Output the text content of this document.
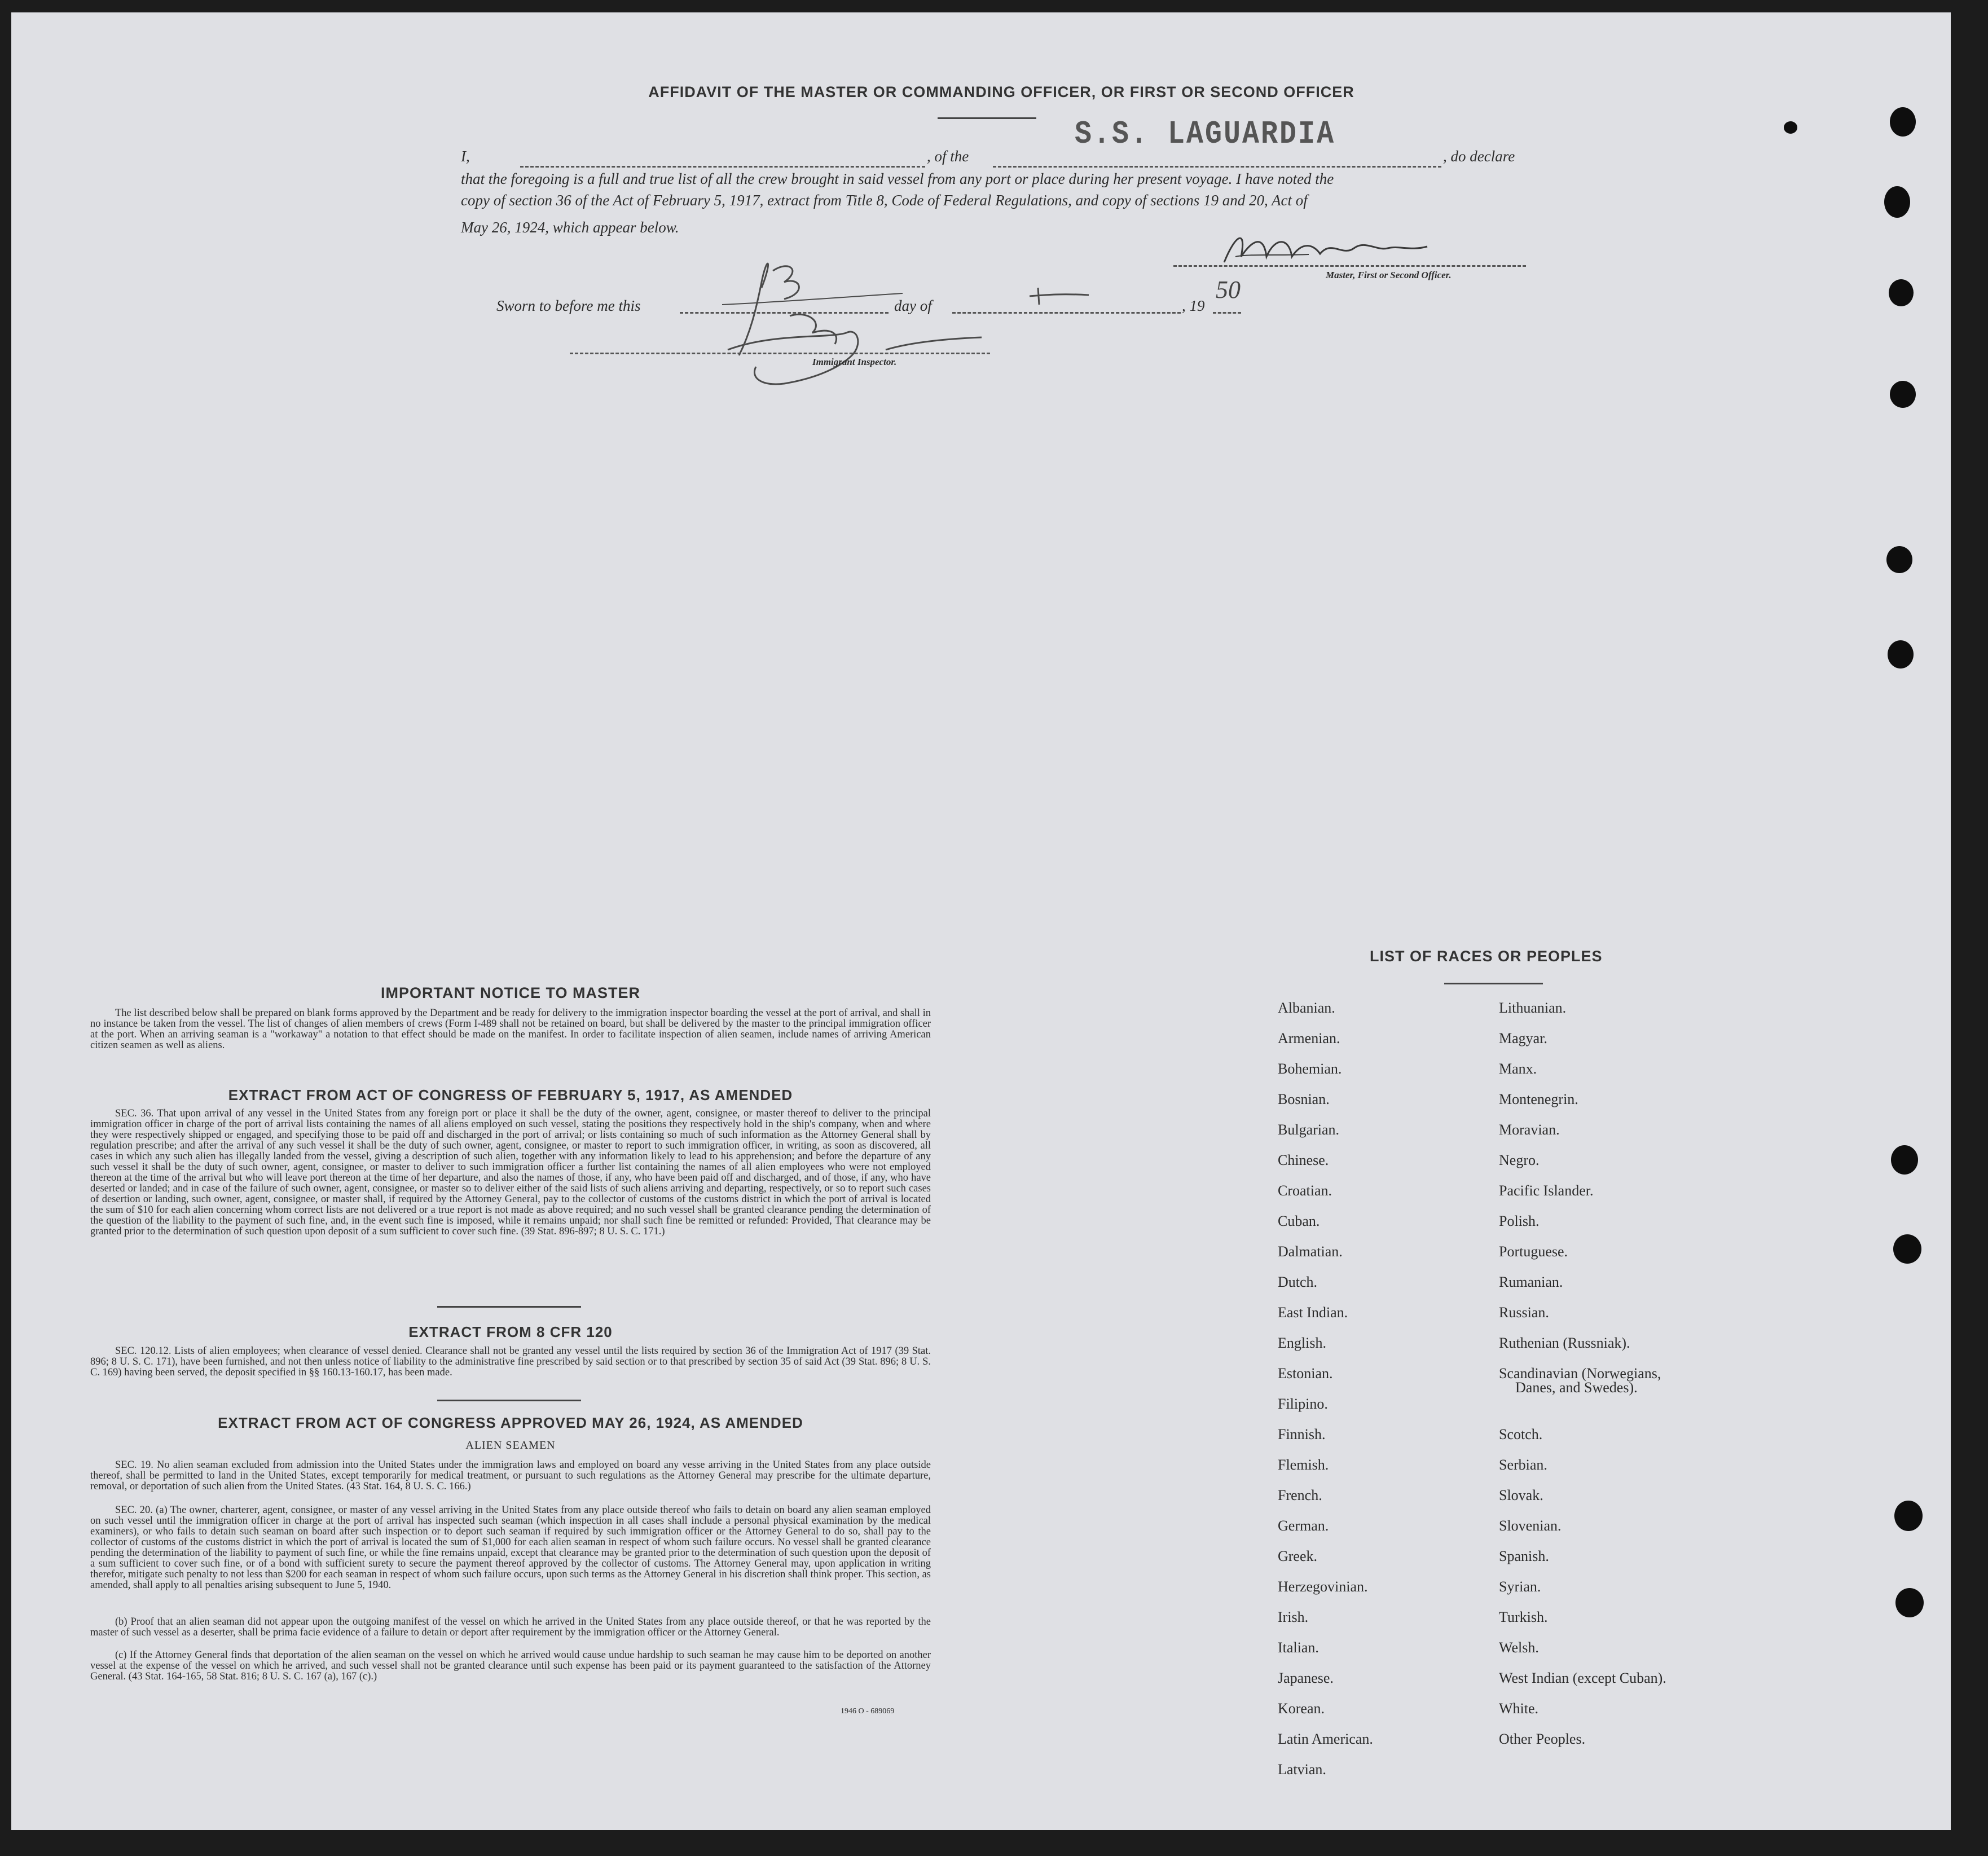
AFFIDAVIT OF THE MASTER OR COMMANDING OFFICER, OR FIRST OR SECOND OFFICER
S.S. LAGUARDIA
I,	, of the	, do declare
that the foregoing is a full and true list of all the crew brought in said vessel from any port or place during her present voyage. I have noted the
copy of section 36 of the Act of February 5, 1917, extract from Title 8, Code of Federal Regulations, and copy of sections 19 and 20, Act of
May 26, 1924, which appear below.
Master, First or Second Officer.
Sworn to before me this	day of	, 19
50
Immigrant Inspector.
IMPORTANT NOTICE TO MASTER
The list described below shall be prepared on blank forms approved by the Department and be ready for delivery to the immigration inspector boarding the vessel at the port of arrival, and shall in no instance be taken from the vessel. The list of changes of alien members of crews (Form I-489 shall not be retained on board, but shall be delivered by the master to the principal immigration officer at the port. When an arriving seaman is a "workaway" a notation to that effect should be made on the manifest. In order to facilitate inspection of alien seamen, include names of arriving American citizen seamen as well as aliens.
EXTRACT FROM ACT OF CONGRESS OF FEBRUARY 5, 1917, AS AMENDED
SEC. 36. That upon arrival of any vessel in the United States from any foreign port or place it shall be the duty of the owner, agent, consignee, or master thereof to deliver to the principal immigration officer in charge of the port of arrival lists containing the names of all aliens employed on such vessel, stating the positions they respectively hold in the ship's company, when and where they were respectively shipped or engaged, and specifying those to be paid off and discharged in the port of arrival; or lists containing so much of such information as the Attorney General shall by regulation prescribe; and after the arrival of any such vessel it shall be the duty of such owner, agent, consignee, or master to report to such immigration officer, in writing, as soon as discovered, all cases in which any such alien has illegally landed from the vessel, giving a description of such alien, together with any information likely to lead to his apprehension; and before the departure of any such vessel it shall be the duty of such owner, agent, consignee, or master to deliver to such immigration officer a further list containing the names of all alien employees who were not employed thereon at the time of the arrival but who will leave port thereon at the time of her departure, and also the names of those, if any, who have been paid off and discharged, and of those, if any, who have deserted or landed; and in case of the failure of such owner, agent, consignee, or master so to deliver either of the said lists of such aliens arriving and departing, respectively, or so to report such cases of desertion or landing, such owner, agent, consignee, or master shall, if required by the Attorney General, pay to the collector of customs of the customs district in which the port of arrival is located the sum of $10 for each alien concerning whom correct lists are not delivered or a true report is not made as above required; and no such vessel shall be granted clearance pending the determination of the question of the liability to the payment of such fine, and, in the event such fine is imposed, while it remains unpaid; nor shall such fine be remitted or refunded: Provided, That clearance may be granted prior to the determination of such question upon deposit of a sum sufficient to cover such fine. (39 Stat. 896-897; 8 U. S. C. 171.)
EXTRACT FROM 8 CFR 120
SEC. 120.12. Lists of alien employees; when clearance of vessel denied. Clearance shall not be granted any vessel until the lists required by section 36 of the Immigration Act of 1917 (39 Stat. 896; 8 U. S. C. 171), have been furnished, and not then unless notice of liability to the administrative fine prescribed by said section or to that prescribed by section 35 of said Act (39 Stat. 896; 8 U. S. C. 169) having been served, the deposit specified in §§ 160.13-160.17, has been made.
EXTRACT FROM ACT OF CONGRESS APPROVED MAY 26, 1924, AS AMENDED
ALIEN SEAMEN
SEC. 19. No alien seaman excluded from admission into the United States under the immigration laws and employed on board any vesse arriving in the United States from any place outside thereof, shall be permitted to land in the United States, except temporarily for medical treatment, or pursuant to such regulations as the Attorney General may prescribe for the ultimate departure, removal, or deportation of such alien from the United States. (43 Stat. 164, 8 U. S. C. 166.)
SEC. 20. (a) The owner, charterer, agent, consignee, or master of any vessel arriving in the United States from any place outside thereof who fails to detain on board any alien seaman employed on such vessel until the immigration officer in charge at the port of arrival has inspected such seaman (which inspection in all cases shall include a personal physical examination by the medical examiners), or who fails to detain such seaman on board after such inspection or to deport such seaman if required by such immigration officer or the Attorney General to do so, shall pay to the collector of customs of the customs district in which the port of arrival is located the sum of $1,000 for each alien seaman in respect of whom such failure occurs. No vessel shall be granted clearance pending the determination of the liability to payment of such fine, or while the fine remains unpaid, except that clearance may be granted prior to the determination of such question upon the deposit of a sum sufficient to cover such fine, or of a bond with sufficient surety to secure the payment thereof approved by the collector of customs. The Attorney General may, upon application in writing therefor, mitigate such penalty to not less than $200 for each seaman in respect of whom such failure occurs, upon such terms as the Attorney General in his discretion shall think proper. This section, as amended, shall apply to all penalties arising subsequent to June 5, 1940.
(b) Proof that an alien seaman did not appear upon the outgoing manifest of the vessel on which he arrived in the United States from any place outside thereof, or that he was reported by the master of such vessel as a deserter, shall be prima facie evidence of a failure to detain or deport after requirement by the immigration officer or the Attorney General.
(c) If the Attorney General finds that deportation of the alien seaman on the vessel on which he arrived would cause undue hardship to such seaman he may cause him to be deported on another vessel at the expense of the vessel on which he arrived, and such vessel shall not be granted clearance until such expense has been paid or its payment guaranteed to the satisfaction of the Attorney General. (43 Stat. 164-165, 58 Stat. 816; 8 U. S. C. 167 (a), 167 (c).)
1946 O - 689069
LIST OF RACES OR PEOPLES
Albanian.
Armenian.
Bohemian.
Bosnian.
Bulgarian.
Chinese.
Croatian.
Cuban.
Dalmatian.
Dutch.
East Indian.
English.
Estonian.
Filipino.
Finnish.
Flemish.
French.
German.
Greek.
Herzegovinian.
Irish.
Italian.
Japanese.
Korean.
Latin American.
Latvian.
Lithuanian.
Magyar.
Manx.
Montenegrin.
Moravian.
Negro.
Pacific Islander.
Polish.
Portuguese.
Rumanian.
Russian.
Ruthenian (Russniak).
Scandinavian (Norwegians,
Danes, and Swedes).
Scotch.
Serbian.
Slovak.
Slovenian.
Spanish.
Syrian.
Turkish.
Welsh.
West Indian (except Cuban).
White.
Other Peoples.
